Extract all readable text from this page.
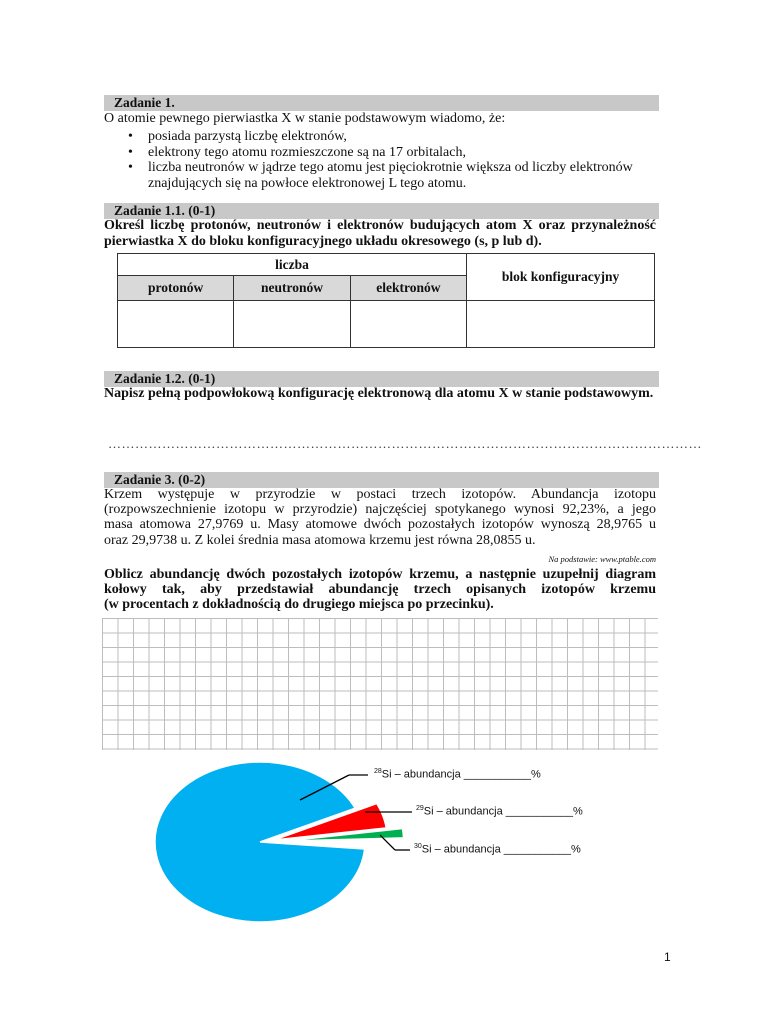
Zadanie 1.
O atomie pewnego pierwiastka X w stanie podstawowym wiadomo, że:
• posiada parzystą liczbę elektronów,
• elektrony tego atomu rozmieszczone są na 17 orbitalach,
• liczba neutronów w jądrze tego atomu jest pięciokrotnie większa od liczby elektronów znajdujących się na powłoce elektronowej L tego atomu.
Zadanie 1.1. (0-1)
Określ liczbę protonów, neutronów i elektronów budujących atom X oraz przynależność pierwiastka X do bloku konfiguracyjnego układu okresowego (s, p lub d).
liczba			blok konfiguracyjny
protonów	neutronów	elektronów	

Zadanie 1.2. (0-1)
Napisz pełną podpowłokową konfigurację elektronową dla atomu X w stanie podstawowym.
……………………………………………………………………………………………………………………
Zadanie 3. (0-2)
Krzem występuje w przyrodzie w postaci trzech izotopów. Abundancja izotopu
(rozpowszechnienie izotopu w przyrodzie) najczęściej spotykanego wynosi 92,23%, a jego
masa atomowa 27,9769 u. Masy atomowe dwóch pozostałych izotopów wynoszą 28,9765 u
oraz 29,9738 u. Z kolei średnia masa atomowa krzemu jest równa 28,0855 u.
Na podstawie: www.ptable.com
Oblicz abundancję dwóch pozostałych izotopów krzemu, a następnie uzupełnij diagram
kołowy tak, aby przedstawiał abundancję trzech opisanych izotopów krzemu
(w procentach z dokładnością do drugiego miejsca po przecinku).
$^{28}$Si – abundancja ___________%
$^{29}$Si – abundancja ___________%
$^{30}$Si – abundancja ___________%
1
